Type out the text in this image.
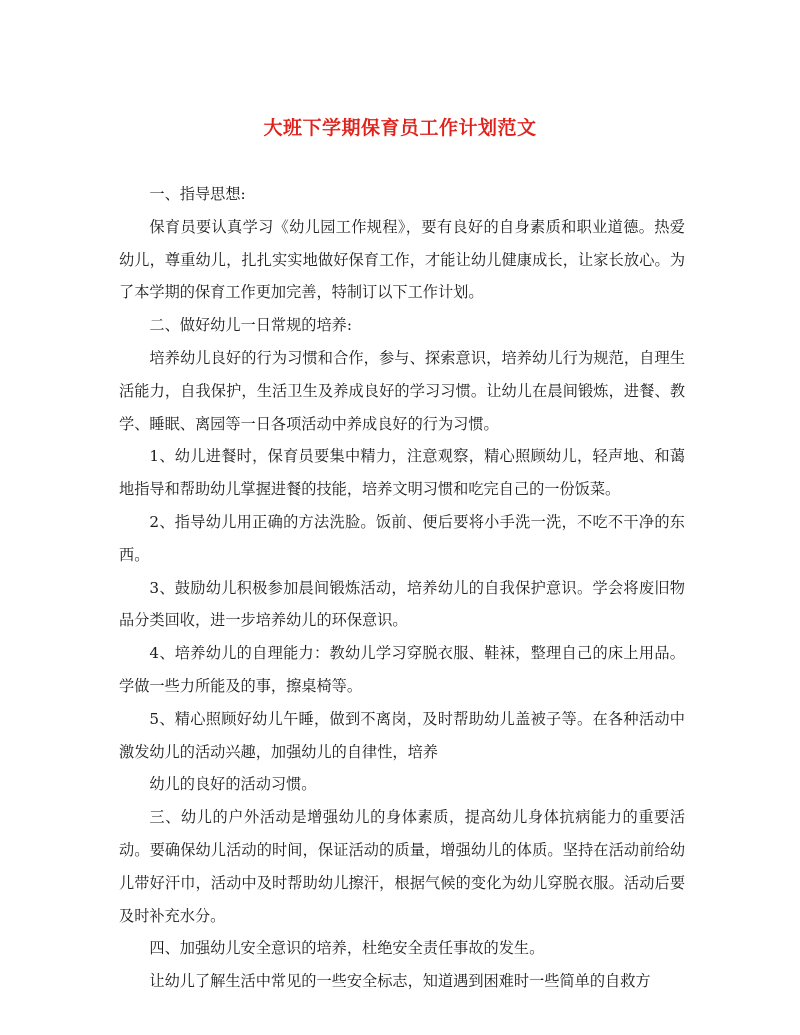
大班下学期保育员工作计划范文

一、指导思想:

保育员要认真学习《幼儿园工作规程》，要有良好的自身素质和职业道德。热爱幼儿，尊重幼儿，扎扎实实地做好保育工作，才能让幼儿健康成长，让家长放心。为了本学期的保育工作更加完善，特制订以下工作计划。

二、做好幼儿一日常规的培养:

培养幼儿良好的行为习惯和合作，参与、探索意识，培养幼儿行为规范，自理生活能力，自我保护，生活卫生及养成良好的学习习惯。让幼儿在晨间锻炼，进餐、教学、睡眠、离园等一日各项活动中养成良好的行为习惯。

1、幼儿进餐时，保育员要集中精力，注意观察，精心照顾幼儿，轻声地、和蔼地指导和帮助幼儿掌握进餐的技能，培养文明习惯和吃完自己的一份饭菜。

2、指导幼儿用正确的方法洗脸。饭前、便后要将小手洗一洗，不吃不干净的东西。

3、鼓励幼儿积极参加晨间锻炼活动，培养幼儿的自我保护意识。学会将废旧物品分类回收，进一步培养幼儿的环保意识。

4、培养幼儿的自理能力：教幼儿学习穿脱衣服、鞋袜，整理自己的床上用品。学做一些力所能及的事，擦桌椅等。

5、精心照顾好幼儿午睡，做到不离岗，及时帮助幼儿盖被子等。在各种活动中激发幼儿的活动兴趣，加强幼儿的自律性，培养

幼儿的良好的活动习惯。

三、幼儿的户外活动是增强幼儿的身体素质，提高幼儿身体抗病能力的重要活动。要确保幼儿活动的时间，保证活动的质量，增强幼儿的体质。坚持在活动前给幼儿带好汗巾，活动中及时帮助幼儿擦汗，根据气候的变化为幼儿穿脱衣服。活动后要及时补充水分。

四、加强幼儿安全意识的培养，杜绝安全责任事故的发生。

让幼儿了解生活中常见的一些安全标志，知道遇到困难时一些简单的自救方
